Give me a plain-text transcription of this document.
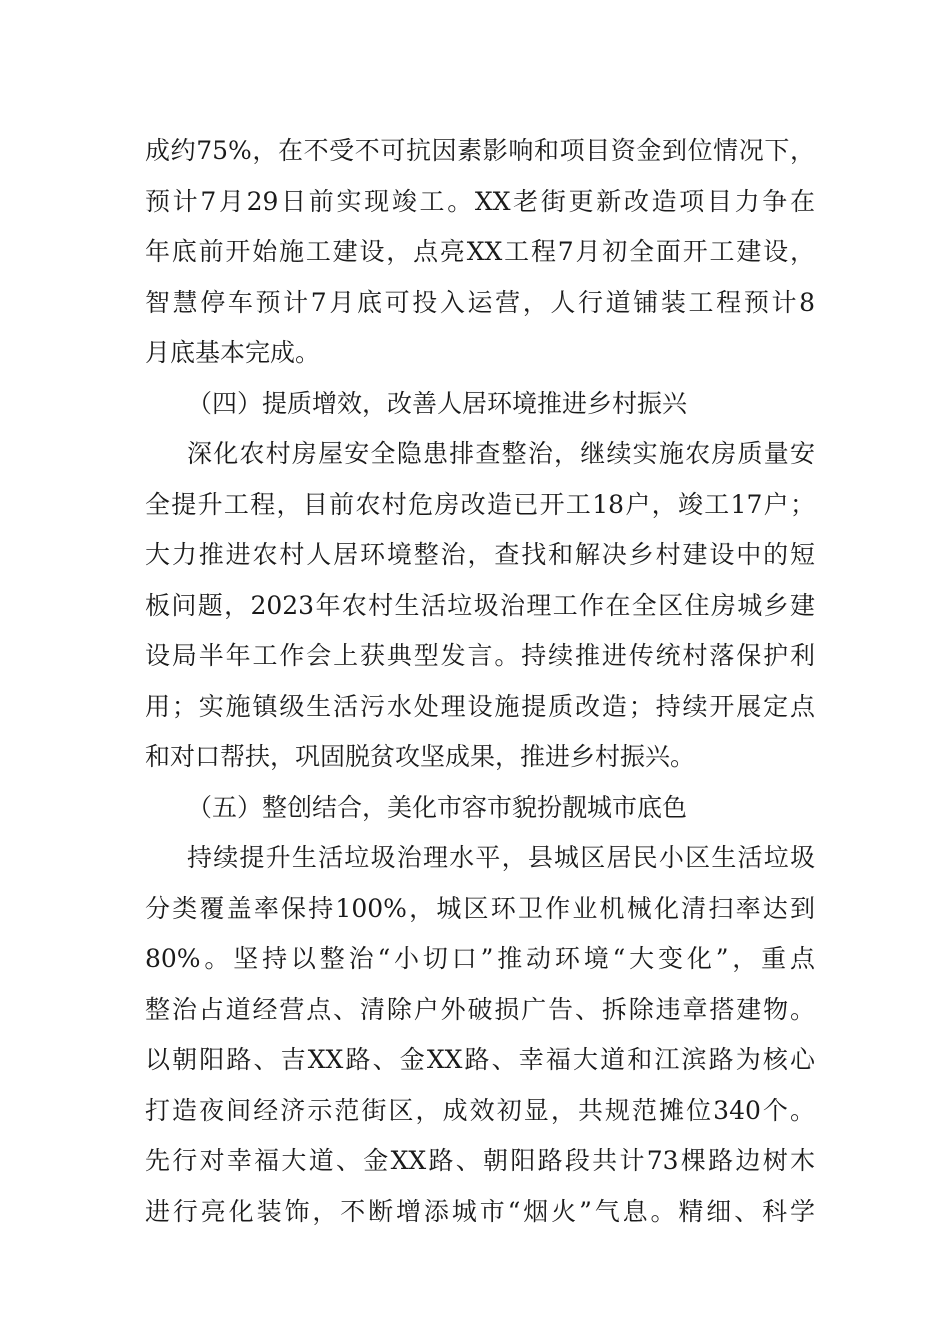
成约75%，在不受不可抗因素影响和项目资金到位情况下，
预计7月29日前实现竣工。XX老街更新改造项目力争在
年底前开始施工建设，点亮XX工程7月初全面开工建设，
智慧停车预计7月底可投入运营，人行道铺装工程预计8
月底基本完成。
（四）提质增效，改善人居环境推进乡村振兴
深化农村房屋安全隐患排查整治，继续实施农房质量安
全提升工程，目前农村危房改造已开工18户，竣工17户；
大力推进农村人居环境整治，查找和解决乡村建设中的短
板问题，2023年农村生活垃圾治理工作在全区住房城乡建
设局半年工作会上获典型发言。持续推进传统村落保护利
用；实施镇级生活污水处理设施提质改造；持续开展定点
和对口帮扶，巩固脱贫攻坚成果，推进乡村振兴。
（五）整创结合，美化市容市貌扮靓城市底色
持续提升生活垃圾治理水平，县城区居民小区生活垃圾
分类覆盖率保持100%，城区环卫作业机械化清扫率达到
80%。坚持以整治“小切口”推动环境“大变化”，重点
整治占道经营点、清除户外破损广告、拆除违章搭建物。
以朝阳路、吉XX路、金XX路、幸福大道和江滨路为核心
打造夜间经济示范街区，成效初显，共规范摊位340个。
先行对幸福大道、金XX路、朝阳路段共计73棵路边树木
进行亮化装饰，不断增添城市“烟火”气息。精细、科学
